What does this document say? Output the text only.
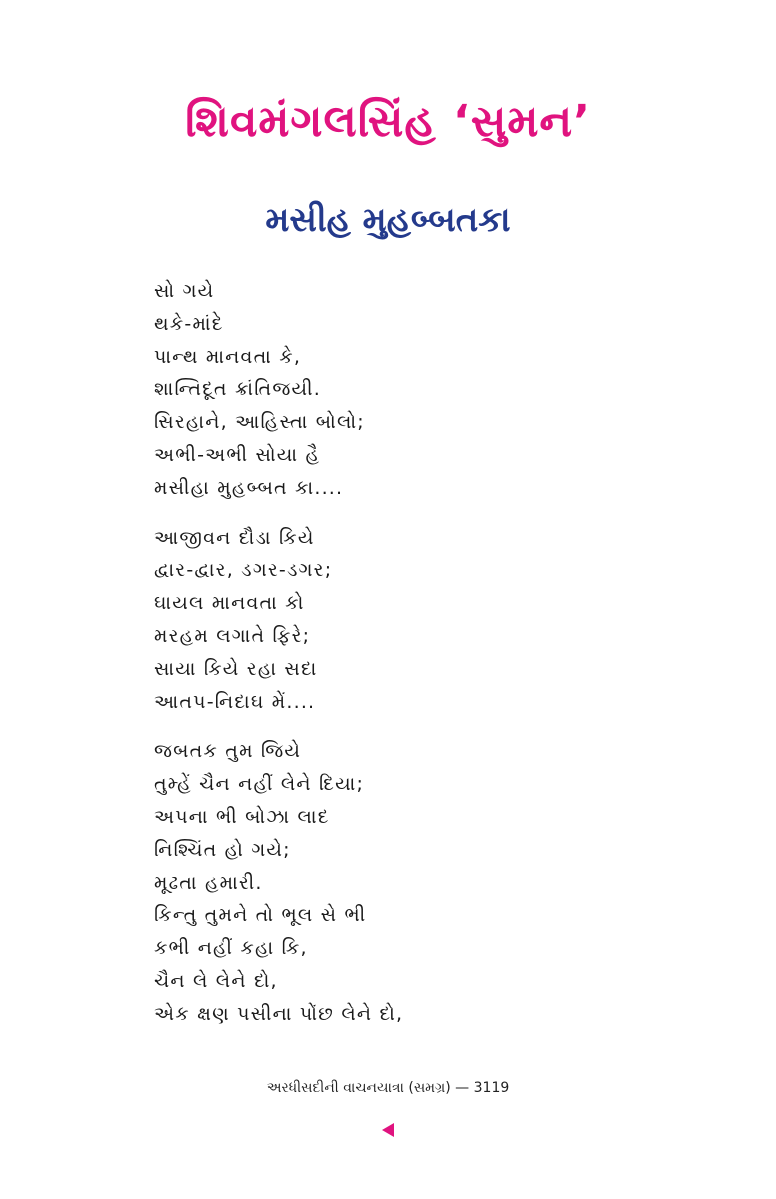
શિવમંગલસિંહ ‘સુમન’
મસીહ મુહબ્બતકા
સો ગયે
થકે-માંદે
પાન્થ માનવતા કે,
શાન્તિદૂત ક્રાંતિજયી.
સિરહાને, આહિસ્તા બોલો;
અભી-અભી સોયા હૈ
મસીહા મુહબ્બત કા....
આજીવન દૌડા કિયે
દ્વાર-દ્વાર, ડગર-ડગર;
ઘાયલ માનવતા કો
મરહમ લગાતે ફિરે;
સાયા કિયે રહા સદા
આતપ-નિદાઘ મેં....
જબતક તુમ જિયે
તુમ્હેં ચૈન નહીં લેને દિયા;
અપના ભી બોઝા લાદ
નિશ્ચિંત હો ગયે;
મૂઢતા હમારી.
કિન્તુ તુમને તો ભૂલ સે ભી
કભી નહીં કહા કિ,
ચૈન લે લેને દો,
એક ક્ષણ પસીના પોંછ લેને દો,
અરધીસદીની વાચનયાત્રા (સમગ્ર) — 3119
